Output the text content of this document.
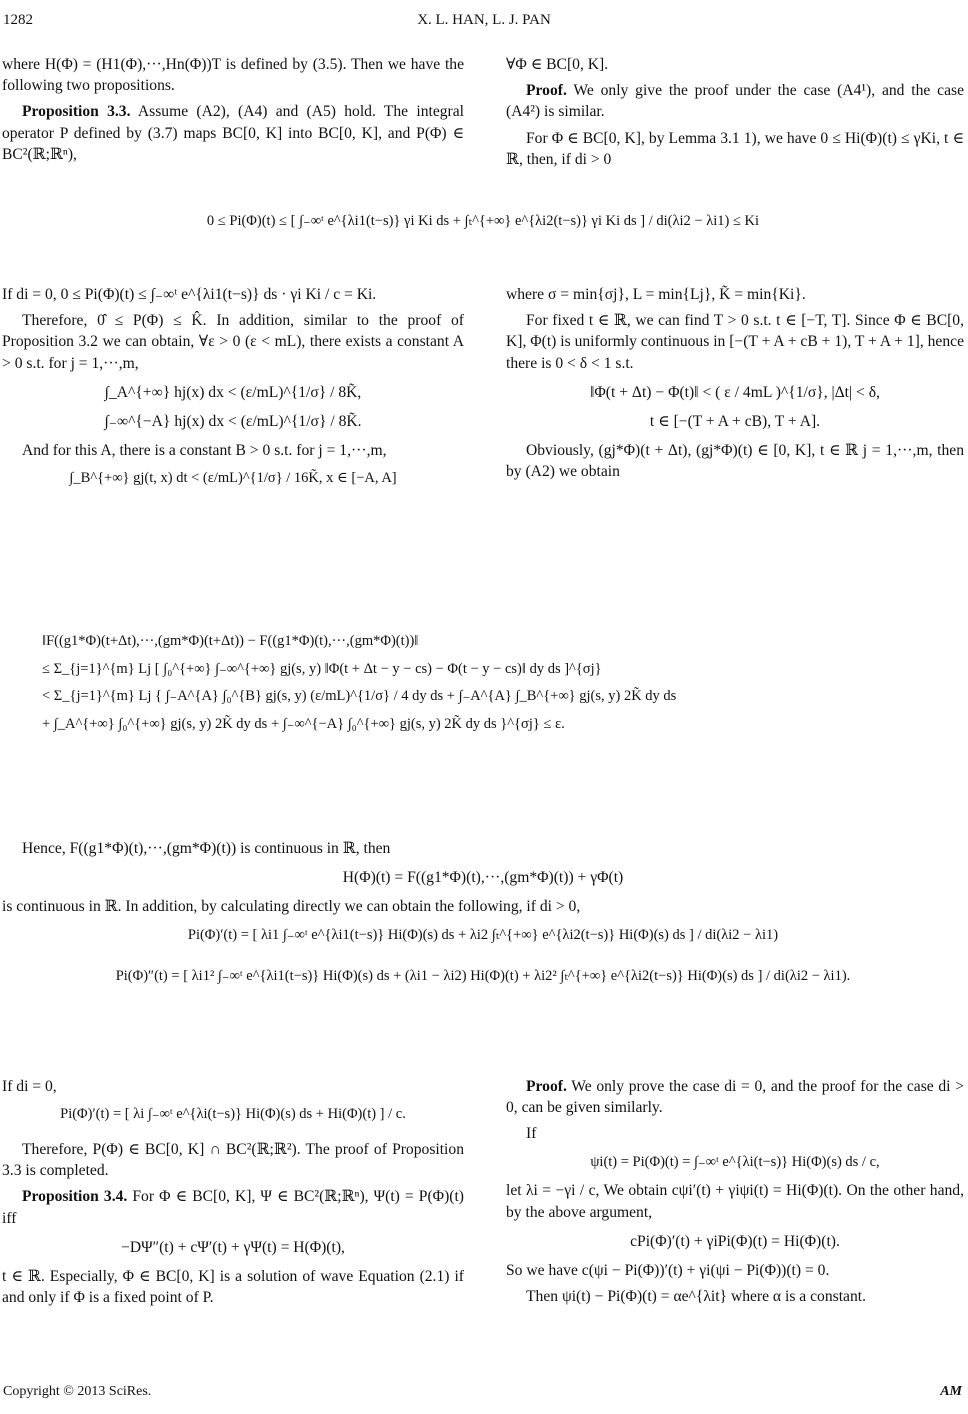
1282	X. L. HAN, L. J. PAN

where H(Φ) = (H1(Φ),···,Hn(Φ))T is defined by (3.5). Then we have the following two propositions.

Proposition 3.3. Assume (A2), (A4) and (A5) hold. The integral operator P defined by (3.7) maps BC[0, K] into BC[0, K], and P(Φ) ∈ BC²(ℝ;ℝⁿ),

∀Φ ∈ BC[0, K].

Proof. We only give the proof under the case (A4¹), and the case (A4²) is similar.

For Φ ∈ BC[0, K], by Lemma 3.1 1), we have 0 ≤ Hi(Φ)(t) ≤ γKi, t ∈ ℝ, then, if di > 0

0 ≤ Pi(Φ)(t) ≤ [ ∫₋∞ᵗ e^{λi1(t−s)} γi Ki ds + ∫ₜ^{+∞} e^{λi2(t−s)} γi Ki ds ] / di(λi2 − λi1) ≤ Ki

If di = 0, 0 ≤ Pi(Φ)(t) ≤ ∫₋∞ᵗ e^{λi1(t−s)} ds · γi Ki / c = Ki.

Therefore, 0̂ ≤ P(Φ) ≤ K̂. In addition, similar to the proof of Proposition 3.2 we can obtain, ∀ε > 0 (ε < mL), there exists a constant A > 0 s.t. for j = 1,···,m,

∫_A^{+∞} hj(x) dx < (ε/mL)^{1/σ} / 8K̃,
∫₋∞^{−A} hj(x) dx < (ε/mL)^{1/σ} / 8K̃.

And for this A, there is a constant B > 0 s.t. for j = 1,···,m,

∫_B^{+∞} gj(t, x) dt < (ε/mL)^{1/σ} / 16K̃, x ∈ [−A, A]

where σ = min{σj}, L = min{Lj}, K̃ = min{Ki}.

For fixed t ∈ ℝ, we can find T > 0 s.t. t ∈ [−T, T]. Since Φ ∈ BC[0, K], Φ(t) is uniformly continuous in [−(T + A + cB + 1), T + A + 1], hence there is 0 < δ < 1 s.t.

‖Φ(t + Δt) − Φ(t)‖ < ( ε / 4mL )^{1/σ}, |Δt| < δ,
t ∈ [−(T + A + cB), T + A].

Obviously, (gj*Φ)(t + Δt), (gj*Φ)(t) ∈ [0, K], t ∈ ℝ j = 1,···,m, then by (A2) we obtain

‖F((g1*Φ)(t+Δt),···,(gm*Φ)(t+Δt)) − F((g1*Φ)(t),···,(gm*Φ)(t))‖
≤ Σ_{j=1}^{m} Lj [ ∫₀^{+∞} ∫₋∞^{+∞} gj(s, y) ‖Φ(t + Δt − y − cs) − Φ(t − y − cs)‖ dy ds ]^{σj}
< Σ_{j=1}^{m} Lj { ∫₋A^{A} ∫₀^{B} gj(s, y) (ε/mL)^{1/σ} / 4 dy ds + ∫₋A^{A} ∫_B^{+∞} gj(s, y) 2K̃ dy ds
+ ∫_A^{+∞} ∫₀^{+∞} gj(s, y) 2K̃ dy ds + ∫₋∞^{−A} ∫₀^{+∞} gj(s, y) 2K̃ dy ds }^{σj} ≤ ε.

Hence, F((g1*Φ)(t),···,(gm*Φ)(t)) is continuous in ℝ, then

H(Φ)(t) = F((g1*Φ)(t),···,(gm*Φ)(t)) + γΦ(t)

is continuous in ℝ. In addition, by calculating directly we can obtain the following, if di > 0,

Pi(Φ)′(t) = [ λi1 ∫₋∞ᵗ e^{λi1(t−s)} Hi(Φ)(s) ds + λi2 ∫ₜ^{+∞} e^{λi2(t−s)} Hi(Φ)(s) ds ] / di(λi2 − λi1)
Pi(Φ)″(t) = [ λi1² ∫₋∞ᵗ e^{λi1(t−s)} Hi(Φ)(s) ds + (λi1 − λi2) Hi(Φ)(t) + λi2² ∫ₜ^{+∞} e^{λi2(t−s)} Hi(Φ)(s) ds ] / di(λi2 − λi1).

If di = 0,

Pi(Φ)′(t) = [ λi ∫₋∞ᵗ e^{λi(t−s)} Hi(Φ)(s) ds + Hi(Φ)(t) ] / c.

Therefore, P(Φ) ∈ BC[0, K] ∩ BC²(ℝ;ℝ²). The proof of Proposition 3.3 is completed.

Proposition 3.4. For Φ ∈ BC[0, K], Ψ ∈ BC²(ℝ;ℝⁿ), Ψ(t) = P(Φ)(t) iff

−DΨ″(t) + cΨ′(t) + γΨ(t) = H(Φ)(t),

t ∈ ℝ. Especially, Φ ∈ BC[0, K] is a solution of wave Equation (2.1) if and only if Φ is a fixed point of P.

Proof. We only prove the case di = 0, and the proof for the case di > 0, can be given similarly.

If

ψi(t) = Pi(Φ)(t) = ∫₋∞ᵗ e^{λi(t−s)} Hi(Φ)(s) ds / c,

let λi = −γi / c, We obtain cψi′(t) + γiψi(t) = Hi(Φ)(t). On the other hand, by the above argument,

cPi(Φ)′(t) + γiPi(Φ)(t) = Hi(Φ)(t).

So we have c(ψi − Pi(Φ))′(t) + γi(ψi − Pi(Φ))(t) = 0.

Then ψi(t) − Pi(Φ)(t) = αe^{λit} where α is a constant.

Copyright © 2013 SciRes.	AM
